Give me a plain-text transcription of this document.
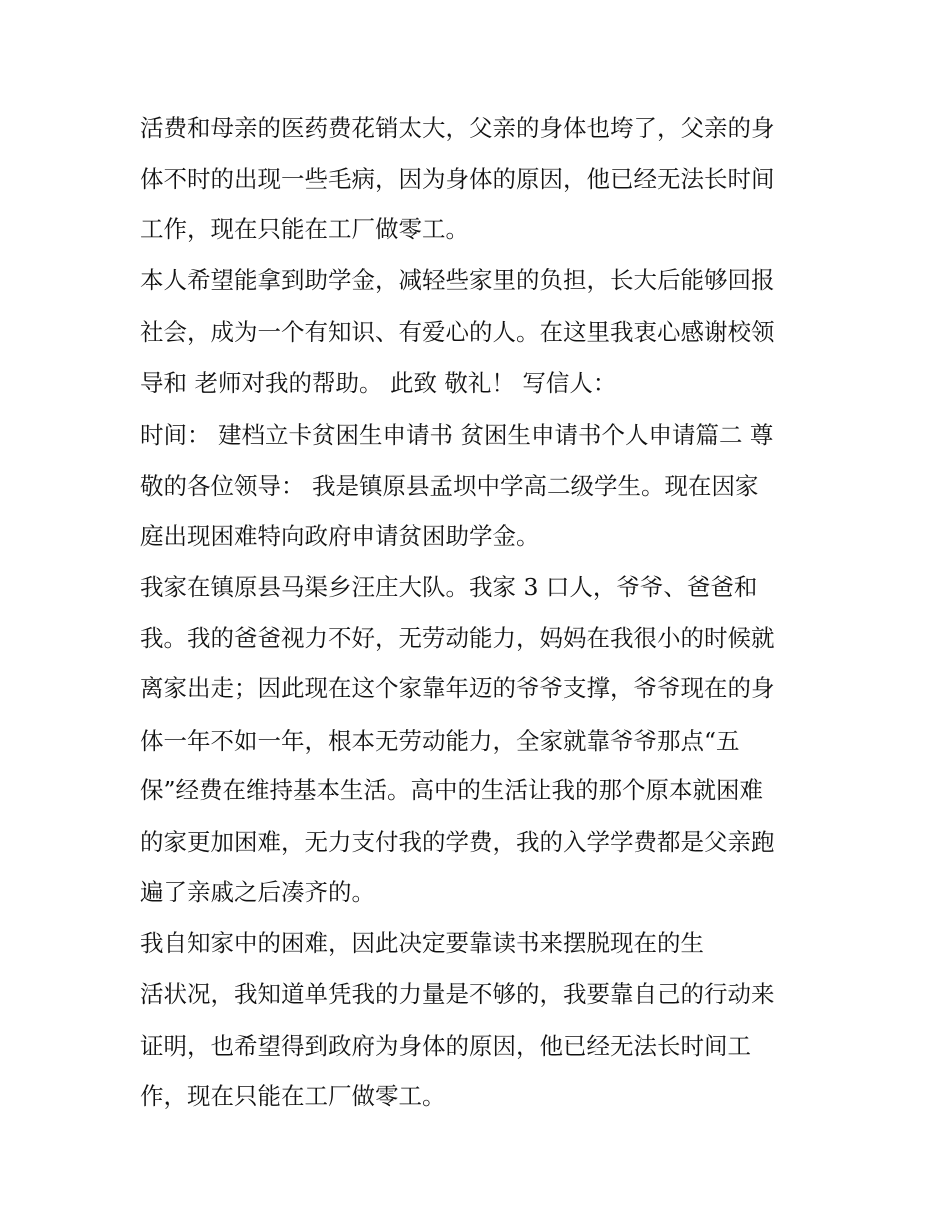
活费和母亲的医药费花销太大，父亲的身体也垮了，父亲的身
体不时的出现一些毛病，因为身体的原因，他已经无法长时间
工作，现在只能在工厂做零工。
本人希望能拿到助学金，减轻些家里的负担，长大后能够回报
社会，成为一个有知识、有爱心的人。在这里我衷心感谢校领
导和 老师对我的帮助。 此致 敬礼！ 写信人：
时间： 建档立卡贫困生申请书 贫困生申请书个人申请篇二 尊
敬的各位领导： 我是镇原县孟坝中学高二级学生。现在因家
庭出现困难特向政府申请贫困助学金。
我家在镇原县马渠乡汪庄大队。我家 3 口人，爷爷、爸爸和
我。我的爸爸视力不好，无劳动能力，妈妈在我很小的时候就
离家出走；因此现在这个家靠年迈的爷爷支撑，爷爷现在的身
体一年不如一年，根本无劳动能力，全家就靠爷爷那点“五
保”经费在维持基本生活。高中的生活让我的那个原本就困难
的家更加困难，无力支付我的学费，我的入学学费都是父亲跑
遍了亲戚之后凑齐的。
我自知家中的困难，因此决定要靠读书来摆脱现在的生
活状况，我知道单凭我的力量是不够的，我要靠自己的行动来
证明，也希望得到政府为身体的原因，他已经无法长时间工
作，现在只能在工厂做零工。
